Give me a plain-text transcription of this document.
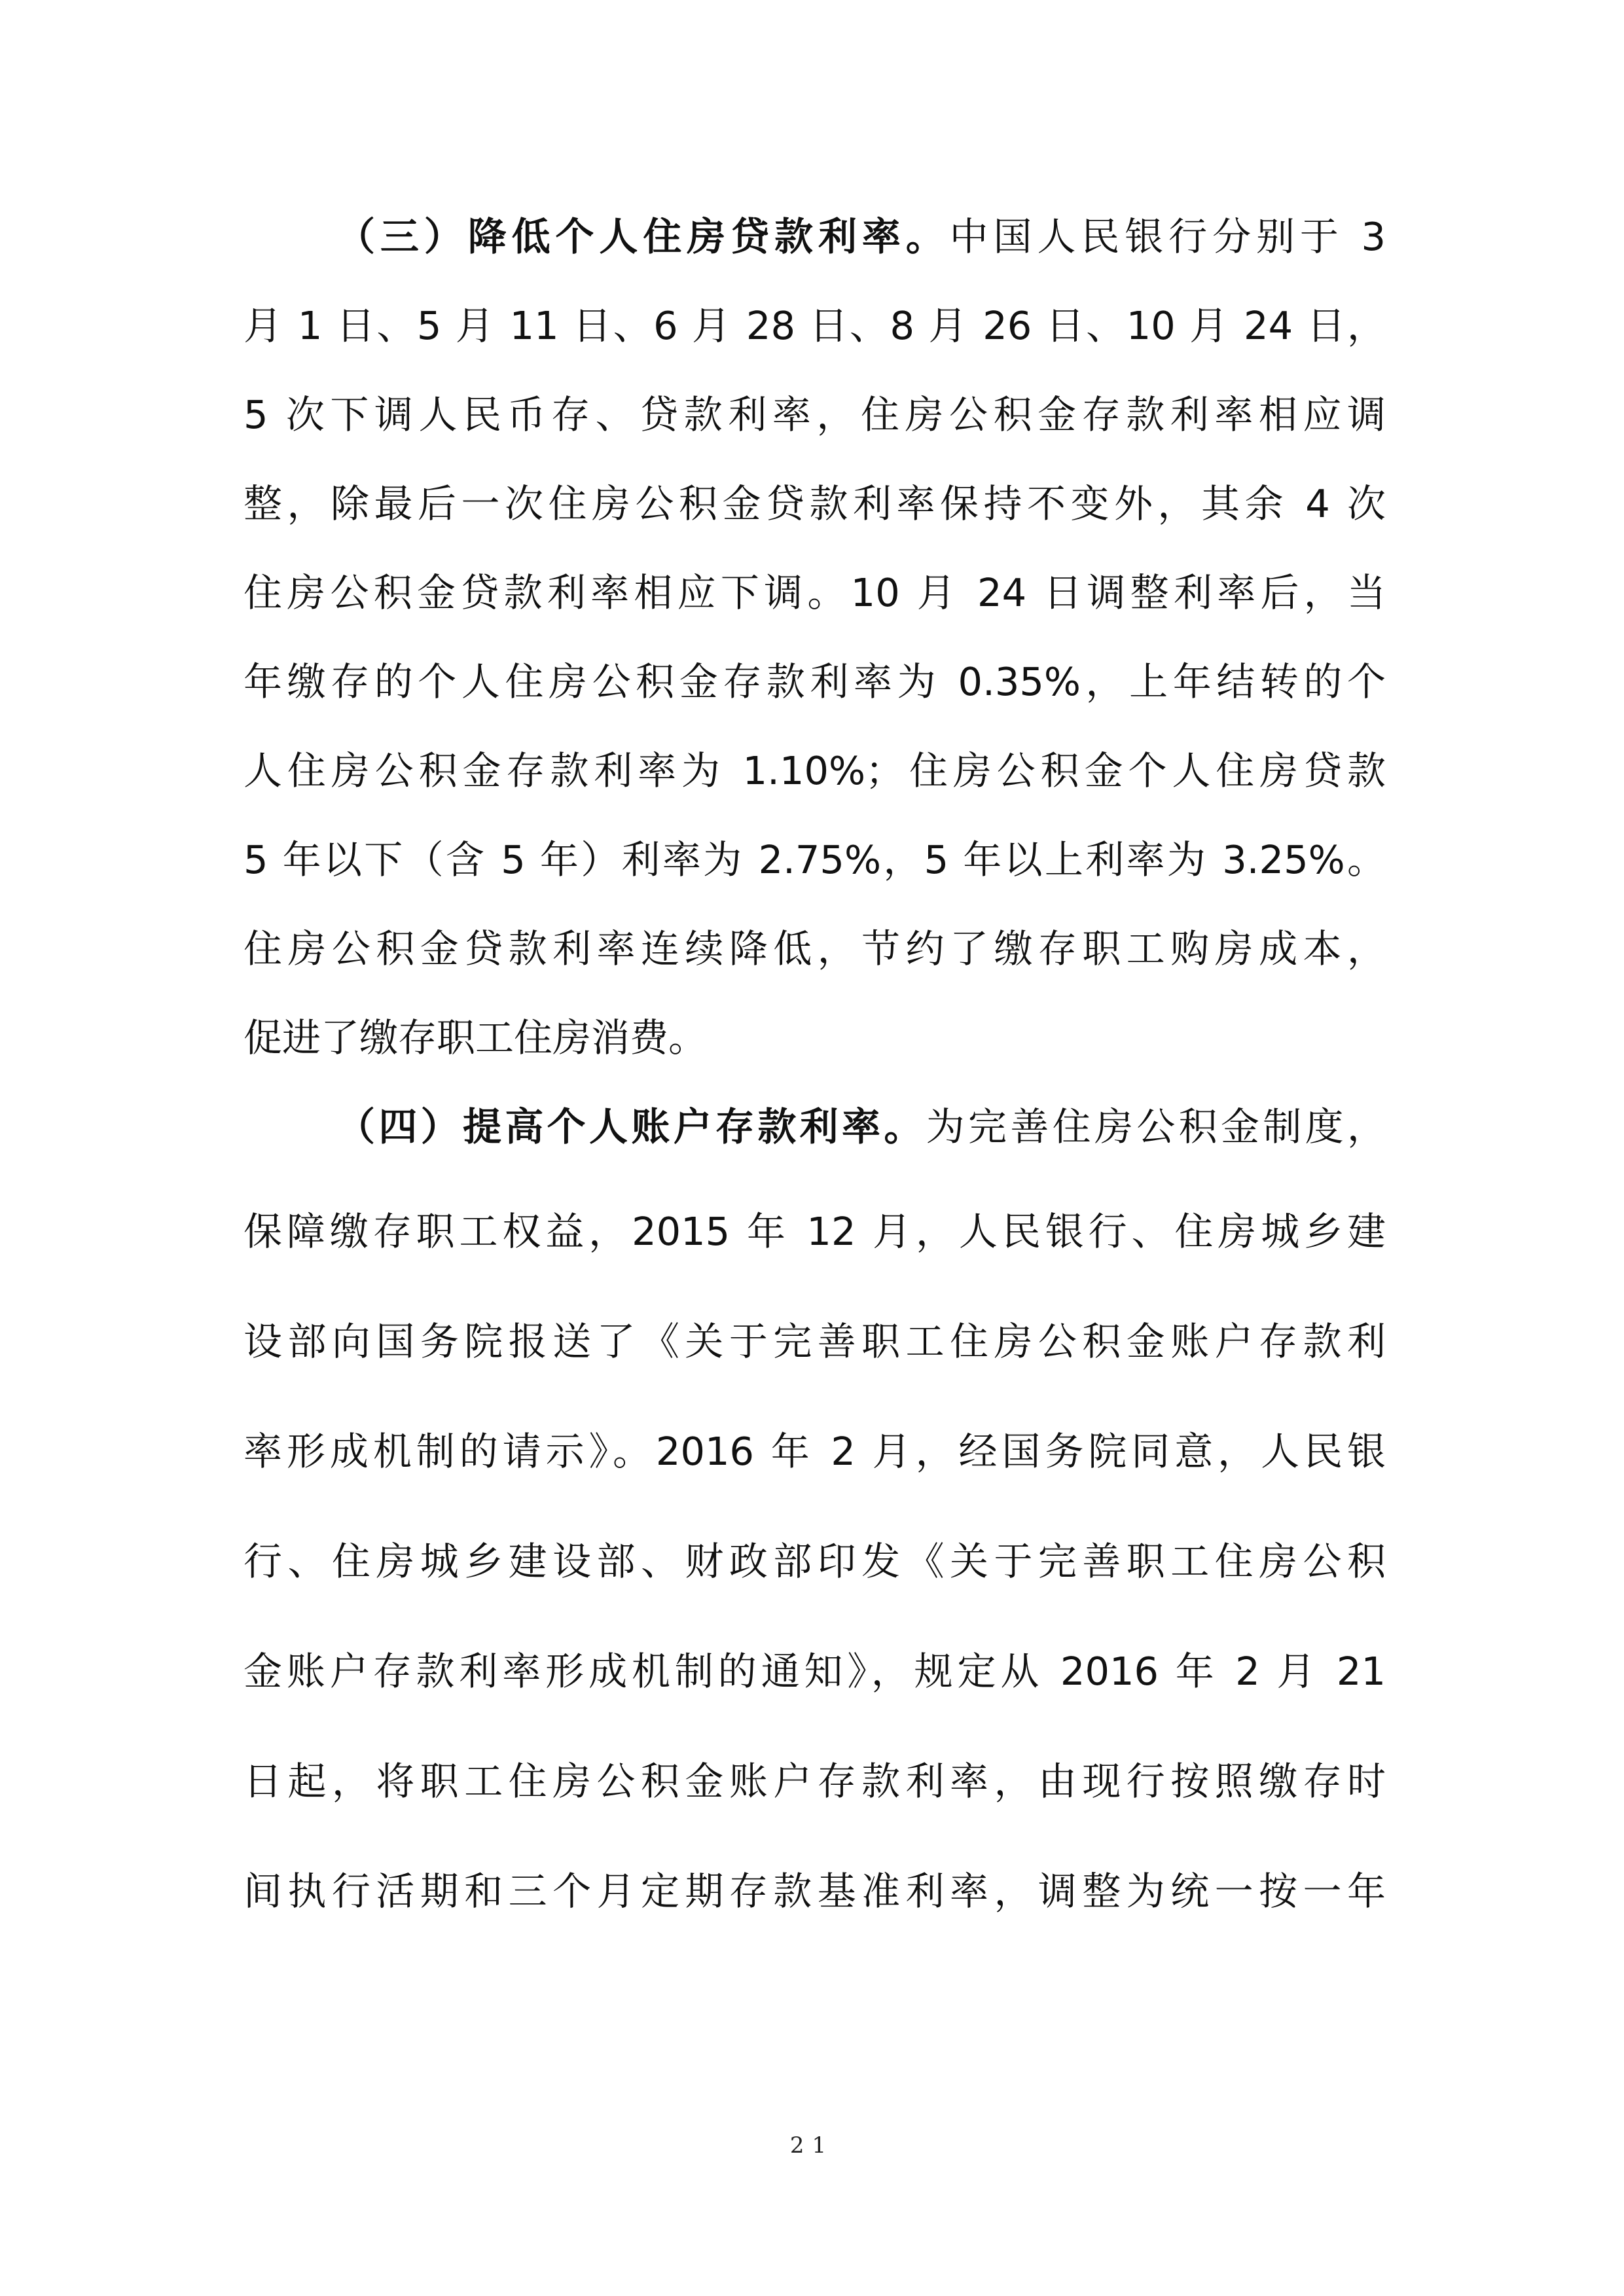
（三）降低个人住房贷款利率。中国人民银行分别于 3

月 1 日、5 月 11 日、6 月 28 日、8 月 26 日、10 月 24 日，

5 次下调人民币存、贷款利率，住房公积金存款利率相应调

整，除最后一次住房公积金贷款利率保持不变外，其余 4 次

住房公积金贷款利率相应下调。10 月 24 日调整利率后，当

年缴存的个人住房公积金存款利率为 0.35%，上年结转的个

人住房公积金存款利率为 1.10%；住房公积金个人住房贷款

5 年以下（含 5 年）利率为 2.75%，5 年以上利率为 3.25%。

住房公积金贷款利率连续降低，节约了缴存职工购房成本，

促进了缴存职工住房消费。

（四）提高个人账户存款利率。为完善住房公积金制度，

保障缴存职工权益，2015 年 12 月，人民银行、住房城乡建

设部向国务院报送了《关于完善职工住房公积金账户存款利

率形成机制的请示》。2016 年 2 月，经国务院同意，人民银

行、住房城乡建设部、财政部印发《关于完善职工住房公积

金账户存款利率形成机制的通知》，规定从 2016 年 2 月 21

日起，将职工住房公积金账户存款利率，由现行按照缴存时

间执行活期和三个月定期存款基准利率，调整为统一按一年

21
